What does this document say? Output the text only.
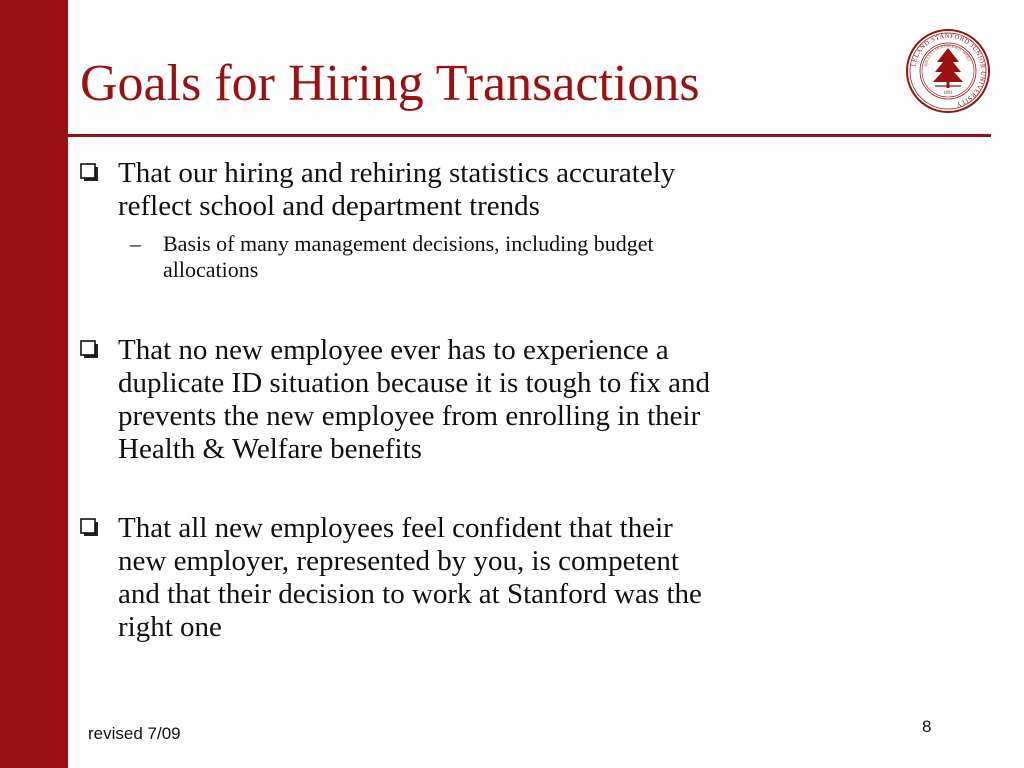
Goals for Hiring Transactions	LELAND STANFORD JUNIOR UNIVERSITY
DIE LUFT DER FREIHEIT WEHT
1891
That our hiring and rehiring statistics accurately
reflect school and department trends
– Basis of many management decisions, including budget
allocations
That no new employee ever has to experience a
duplicate ID situation because it is tough to fix and
prevents the new employee from enrolling in their
Health & Welfare benefits
That all new employees feel confident that their
new employer, represented by you, is competent
and that their decision to work at Stanford was the
right one
revised 7/09	8
